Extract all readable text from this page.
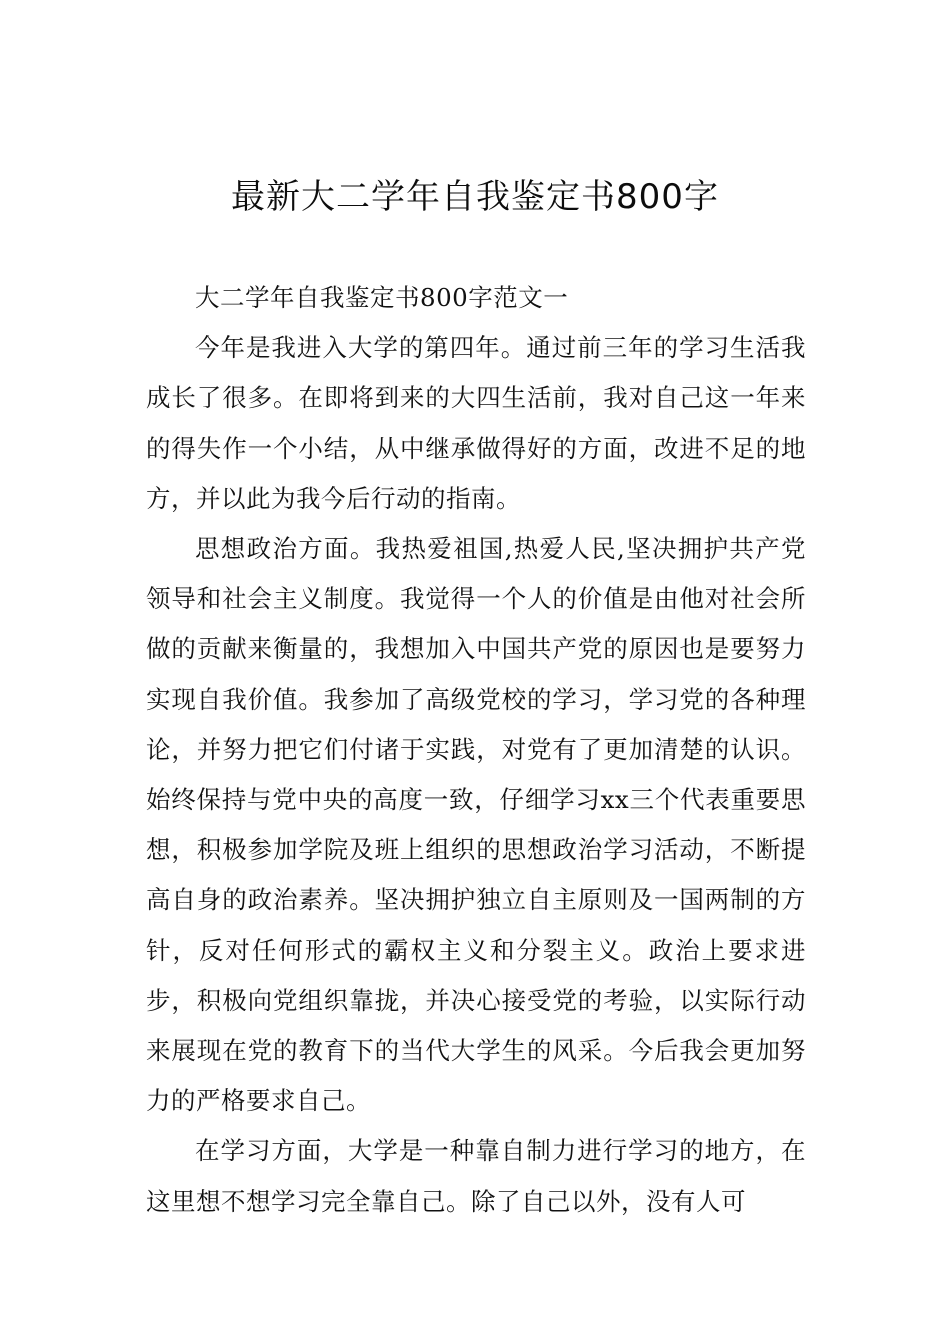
最新大二学年自我鉴定书800字

大二学年自我鉴定书800字范文一

今年是我进入大学的第四年。通过前三年的学习生活我成长了很多。在即将到来的大四生活前，我对自己这一年来的得失作一个小结，从中继承做得好的方面，改进不足的地方，并以此为我今后行动的指南。

思想政治方面。我热爱祖国,热爱人民,坚决拥护共产党领导和社会主义制度。我觉得一个人的价值是由他对社会所做的贡献来衡量的，我想加入中国共产党的原因也是要努力实现自我价值。我参加了高级党校的学习，学习党的各种理论，并努力把它们付诸于实践，对党有了更加清楚的认识。始终保持与党中央的高度一致，仔细学习xx三个代表重要思想，积极参加学院及班上组织的思想政治学习活动，不断提高自身的政治素养。坚决拥护独立自主原则及一国两制的方针，反对任何形式的霸权主义和分裂主义。政治上要求进步，积极向党组织靠拢，并决心接受党的考验，以实际行动来展现在党的教育下的当代大学生的风采。今后我会更加努力的严格要求自己。

在学习方面，大学是一种靠自制力进行学习的地方，在这里想不想学习完全靠自己。除了自己以外，没有人可
